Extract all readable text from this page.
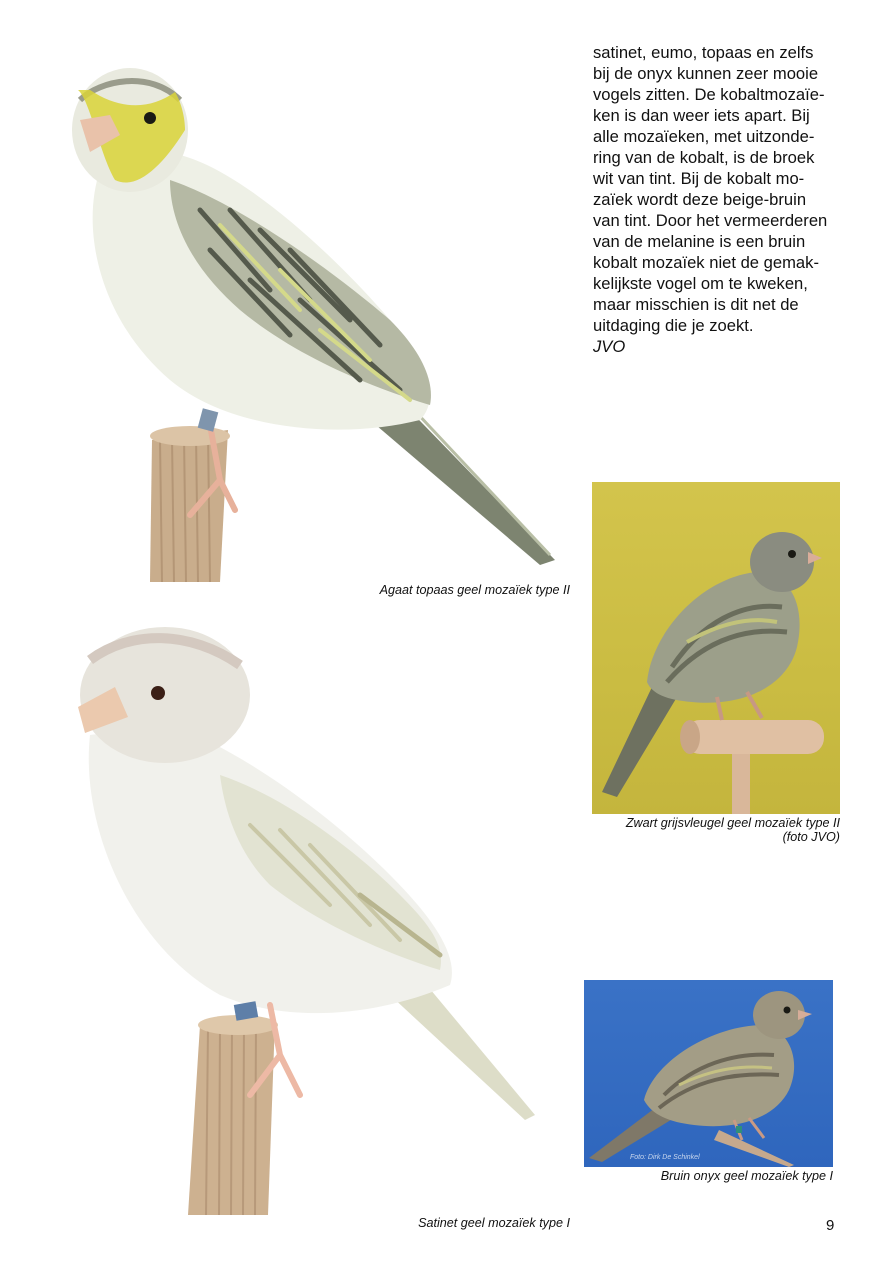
Agaat topaas geel mozaïek type II
Zwart grijsvleugel geel mozaïek type II
(foto JVO)
Satinet geel mozaïek type I
Foto: Dirk De Schinkel
Bruin onyx geel mozaïek type I

satinet, eumo, topaas en zelfs

bij de onyx kunnen zeer mooie

vogels zitten. De kobaltmozaïe-

ken is dan weer iets apart. Bij

alle mozaïeken, met uitzonde-

ring van de kobalt, is de broek

wit van tint. Bij de kobalt mo-

zaïek wordt deze beige-bruin

van tint. Door het vermeerderen

van de melanine is een bruin

kobalt mozaïek niet de gemak-

kelijkste vogel om te kweken,

maar misschien is dit net de

uitdaging die je zoekt.

JVO

9
